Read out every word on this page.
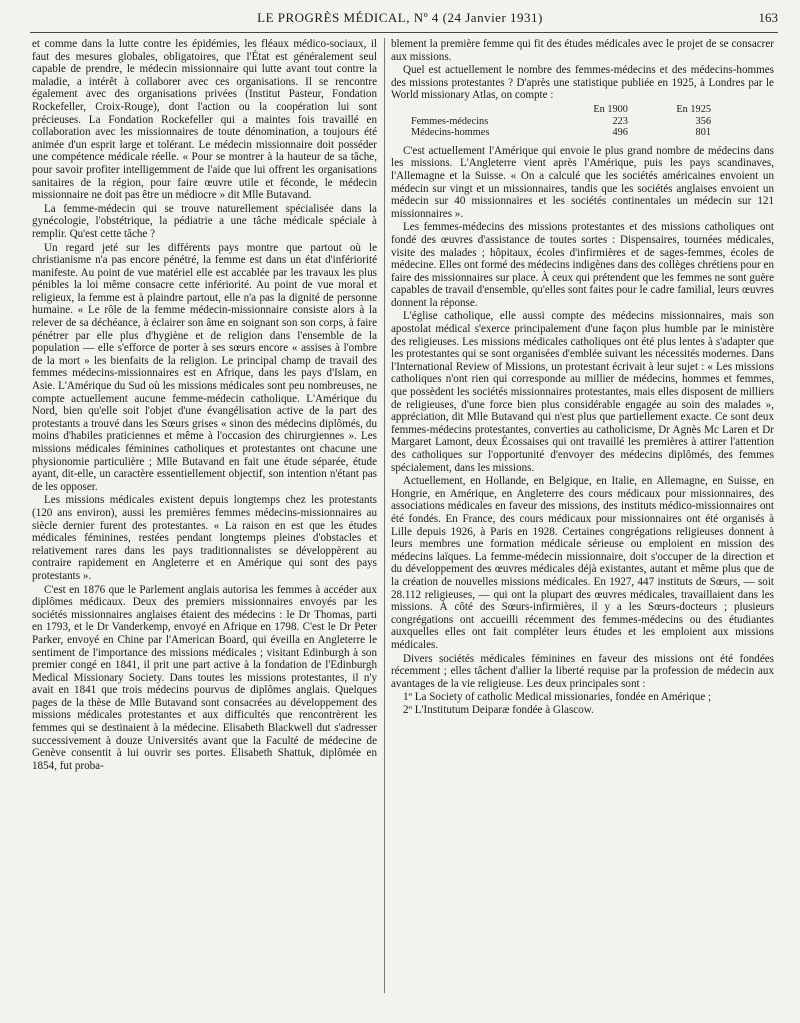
LE PROGRÈS MÉDICAL, Nº 4 (24 Janvier 1931)	163

et comme dans la lutte contre les épidémies, les fléaux médico-sociaux, il faut des mesures globales, obligatoires, que l'État est généralement seul capable de prendre, le médecin missionnaire qui lutte avant tout contre la maladie, a intérêt à collaborer avec ces organisations. Il se rencontre également avec des organisations privées (Institut Pasteur, Fondation Rockefeller, Croix-Rouge), dont l'action ou la coopération lui sont précieuses. La Fondation Rockefeller qui a maintes fois travaillé en collaboration avec les missionnaires de toute dénomination, a toujours été animée d'un esprit large et tolérant. Le médecin missionnaire doit posséder une compétence médicale réelle. « Pour se montrer à la hauteur de sa tâche, pour savoir profiter intelligemment de l'aide que lui offrent les organisations sanitaires de la région, pour faire œuvre utile et féconde, le médecin missionnaire ne doit pas être un médiocre » dit Mlle Butavand.

La femme-médecin qui se trouve naturellement spécialisée dans la gynécologie, l'obstétrique, la pédiatrie a une tâche médicale spéciale à remplir. Qu'est cette tâche ?

Un regard jeté sur les différents pays montre que partout où le christianisme n'a pas encore pénétré, la femme est dans un état d'infériorité manifeste. Au point de vue matériel elle est accablée par les travaux les plus pénibles la loi même consacre cette infériorité. Au point de vue moral et religieux, la femme est à plaindre partout, elle n'a pas la dignité de personne humaine. « Le rôle de la femme médecin-missionnaire consiste alors à la relever de sa déchéance, à éclairer son âme en soignant son son corps, à faire pénétrer par elle plus d'hygiène et de religion dans l'ensemble de la population — elle s'efforce de porter à ses sœurs encore « assises à l'ombre de la mort » les bienfaits de la religion. Le principal champ de travail des femmes médecins-missionnaires est en Afrique, dans les pays d'Islam, en Asie. L'Amérique du Sud où les missions médicales sont peu nombreuses, ne compte actuellement aucune femme-médecin catholique. L'Amérique du Nord, bien qu'elle soit l'objet d'une évangélisation active de la part des protestants a trouvé dans les Sœurs grises « sinon des médecins diplômés, du moins d'habiles praticiennes et même à l'occasion des chirurgiennes ». Les missions médicales féminines catholiques et protestantes ont chacune une physionomie particulière ; Mlle Butavand en fait une étude séparée, étude ayant, dit-elle, un caractère essentiellement objectif, son intention n'étant pas de les opposer.

Les missions médicales existent depuis longtemps chez les protestants (120 ans environ), aussi les premières femmes médecins-missionnaires au siècle dernier furent des protestantes. « La raison en est que les études médicales féminines, restées pendant longtemps pleines d'obstacles et relativement rares dans les pays traditionnalistes se développèrent au contraire rapidement en Angleterre et en Amérique qui sont des pays protestants ».

C'est en 1876 que le Parlement anglais autorisa les femmes à accéder aux diplômes médicaux. Deux des premiers missionnaires envoyés par les sociétés missionnaires anglaises étaient des médecins : le Dr Thomas, parti en 1793, et le Dr Vanderkemp, envoyé en Afrique en 1798. C'est le Dr Peter Parker, envoyé en Chine par l'American Board, qui éveilla en Angleterre le sentiment de l'importance des missions médicales ; visitant Edinburgh à son premier congé en 1841, il prit une part active à la fondation de l'Edinburgh Medical Missionary Society. Dans toutes les missions protestantes, il n'y avait en 1841 que trois médecins pourvus de diplômes anglais. Quelques pages de la thèse de Mlle Butavand sont consacrées au développement des missions médicales protestantes et aux difficultés que rencontrèrent les femmes qui se destinaient à la médecine. Elisabeth Blackwell dut s'adresser successivement à douze Universités avant que la Faculté de médecine de Genève consentit à lui ouvrir ses portes. Elisabeth Shattuk, diplômée en 1854, fut proba-

blement la première femme qui fit des études médicales avec le projet de se consacrer aux missions.

Quel est actuellement le nombre des femmes-médecins et des médecins-hommes des missions protestantes ? D'après une statistique publiée en 1925, à Londres par le World missionary Atlas, on compte :

	En 1900	En 1925
Femmes-médecins	223	356
Médecins-hommes	496	801

C'est actuellement l'Amérique qui envoie le plus grand nombre de médecins dans les missions. L'Angleterre vient après l'Amérique, puis les pays scandinaves, l'Allemagne et la Suisse. « On a calculé que les sociétés américaines envoient un médecin sur vingt et un missionnaires, tandis que les sociétés anglaises envoient un médecin sur 40 missionnaires et les sociétés continentales un médecin sur 121 missionnaires ».

Les femmes-médecins des missions protestantes et des missions catholiques ont fondé des œuvres d'assistance de toutes sortes : Dispensaires, tournées médicales, visite des malades ; hôpitaux, écoles d'infirmières et de sages-femmes, écoles de médecine. Elles ont formé des médecins indigènes dans des collèges chrétiens pour en faire des missionnaires sur place. À ceux qui prétendent que les femmes ne sont guère capables de travail d'ensemble, qu'elles sont faites pour le cadre familial, leurs œuvres donnent la réponse.

L'église catholique, elle aussi compte des médecins missionnaires, mais son apostolat médical s'exerce principalement d'une façon plus humble par le ministère des religieuses. Les missions médicales catholiques ont été plus lentes à s'adapter que les protestantes qui se sont organisées d'emblée suivant les nécessités modernes. Dans l'International Review of Missions, un protestant écrivait à leur sujet : « Les missions catholiques n'ont rien qui corresponde au millier de médecins, hommes et femmes, que possèdent les sociétés missionnaires protestantes, mais elles disposent de milliers de religieuses, d'une force bien plus considérable engagée au soin des malades », appréciation, dit Mlle Butavand qui n'est plus que partiellement exacte. Ce sont deux femmes-médecins protestantes, converties au catholicisme, Dr Agnès Mc Laren et Dr Margaret Lamont, deux Écossaises qui ont travaillé les premières à attirer l'attention des catholiques sur l'opportunité d'envoyer des médecins diplômés, des femmes spécialement, dans les missions.

Actuellement, en Hollande, en Belgique, en Italie, en Allemagne, en Suisse, en Hongrie, en Amérique, en Angleterre des cours médicaux pour missionnaires, des associations médicales en faveur des missions, des instituts médico-missionnaires ont été fondés. En France, des cours médicaux pour missionnaires ont été organisés à Lille depuis 1926, à Paris en 1928. Certaines congrégations religieuses donnent à leurs membres une formation médicale sérieuse ou emploient en mission des médecins laïques. La femme-médecin missionnaire, doit s'occuper de la direction et du développement des œuvres médicales déjà existantes, autant et même plus que de la création de nouvelles missions médicales. En 1927, 447 instituts de Sœurs, — soit 28.112 religieuses, — qui ont la plupart des œuvres médicales, travaillaient dans les missions. À côté des Sœurs-infirmières, il y a les Sœurs-docteurs ; plusieurs congrégations ont accueilli récemment des femmes-médecins ou des étudiantes auxquelles elles ont fait compléter leurs études et les emploient aux missions médicales.

Divers sociétés médicales féminines en faveur des missions ont été fondées récemment ; elles tâchent d'allier la liberté requise par la profession de médecin aux avantages de la vie religieuse. Les deux principales sont :

1º La Society of catholic Medical missionaries, fondée en Amérique ;

2º L'Institutum Deiparæ fondée à Glascow.
